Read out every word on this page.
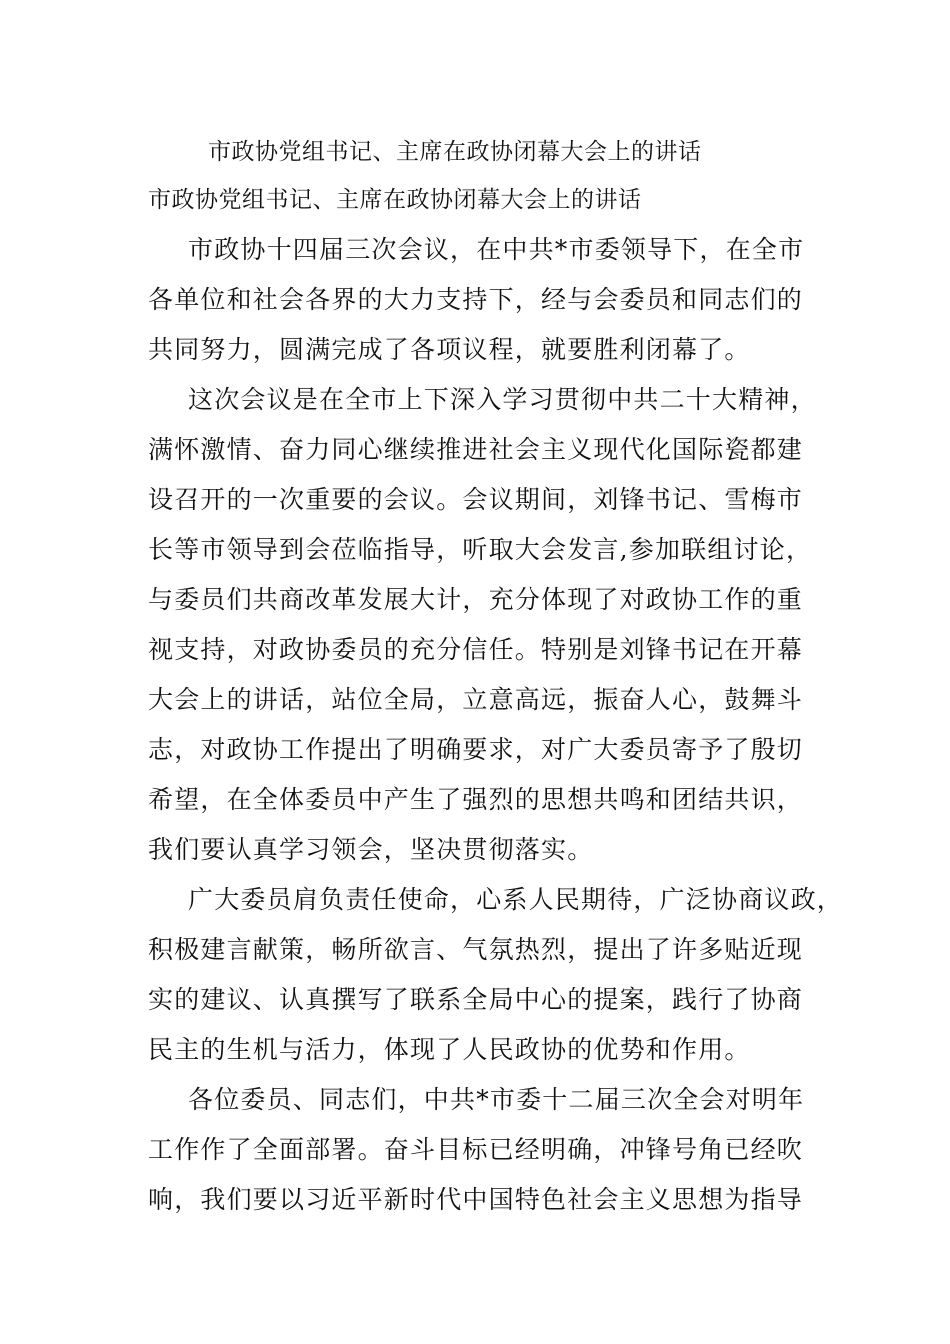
市政协党组书记、主席在政协闭幕大会上的讲话
市政协党组书记、主席在政协闭幕大会上的讲话
市政协十四届三次会议，在中共*市委领导下，在全市
各单位和社会各界的大力支持下，经与会委员和同志们的
共同努力，圆满完成了各项议程，就要胜利闭幕了。
这次会议是在全市上下深入学习贯彻中共二十大精神，
满怀激情、奋力同心继续推进社会主义现代化国际瓷都建
设召开的一次重要的会议。会议期间，刘锋书记、雪梅市
长等市领导到会莅临指导，听取大会发言,参加联组讨论，
与委员们共商改革发展大计，充分体现了对政协工作的重
视支持，对政协委员的充分信任。特别是刘锋书记在开幕
大会上的讲话，站位全局，立意高远，振奋人心，鼓舞斗
志，对政协工作提出了明确要求，对广大委员寄予了殷切
希望，在全体委员中产生了强烈的思想共鸣和团结共识，
我们要认真学习领会，坚决贯彻落实。
广大委员肩负责任使命，心系人民期待，广泛协商议政，
积极建言献策，畅所欲言、气氛热烈，提出了许多贴近现
实的建议、认真撰写了联系全局中心的提案，践行了协商
民主的生机与活力，体现了人民政协的优势和作用。
各位委员、同志们，中共*市委十二届三次全会对明年
工作作了全面部署。奋斗目标已经明确，冲锋号角已经吹
响，我们要以习近平新时代中国特色社会主义思想为指导
